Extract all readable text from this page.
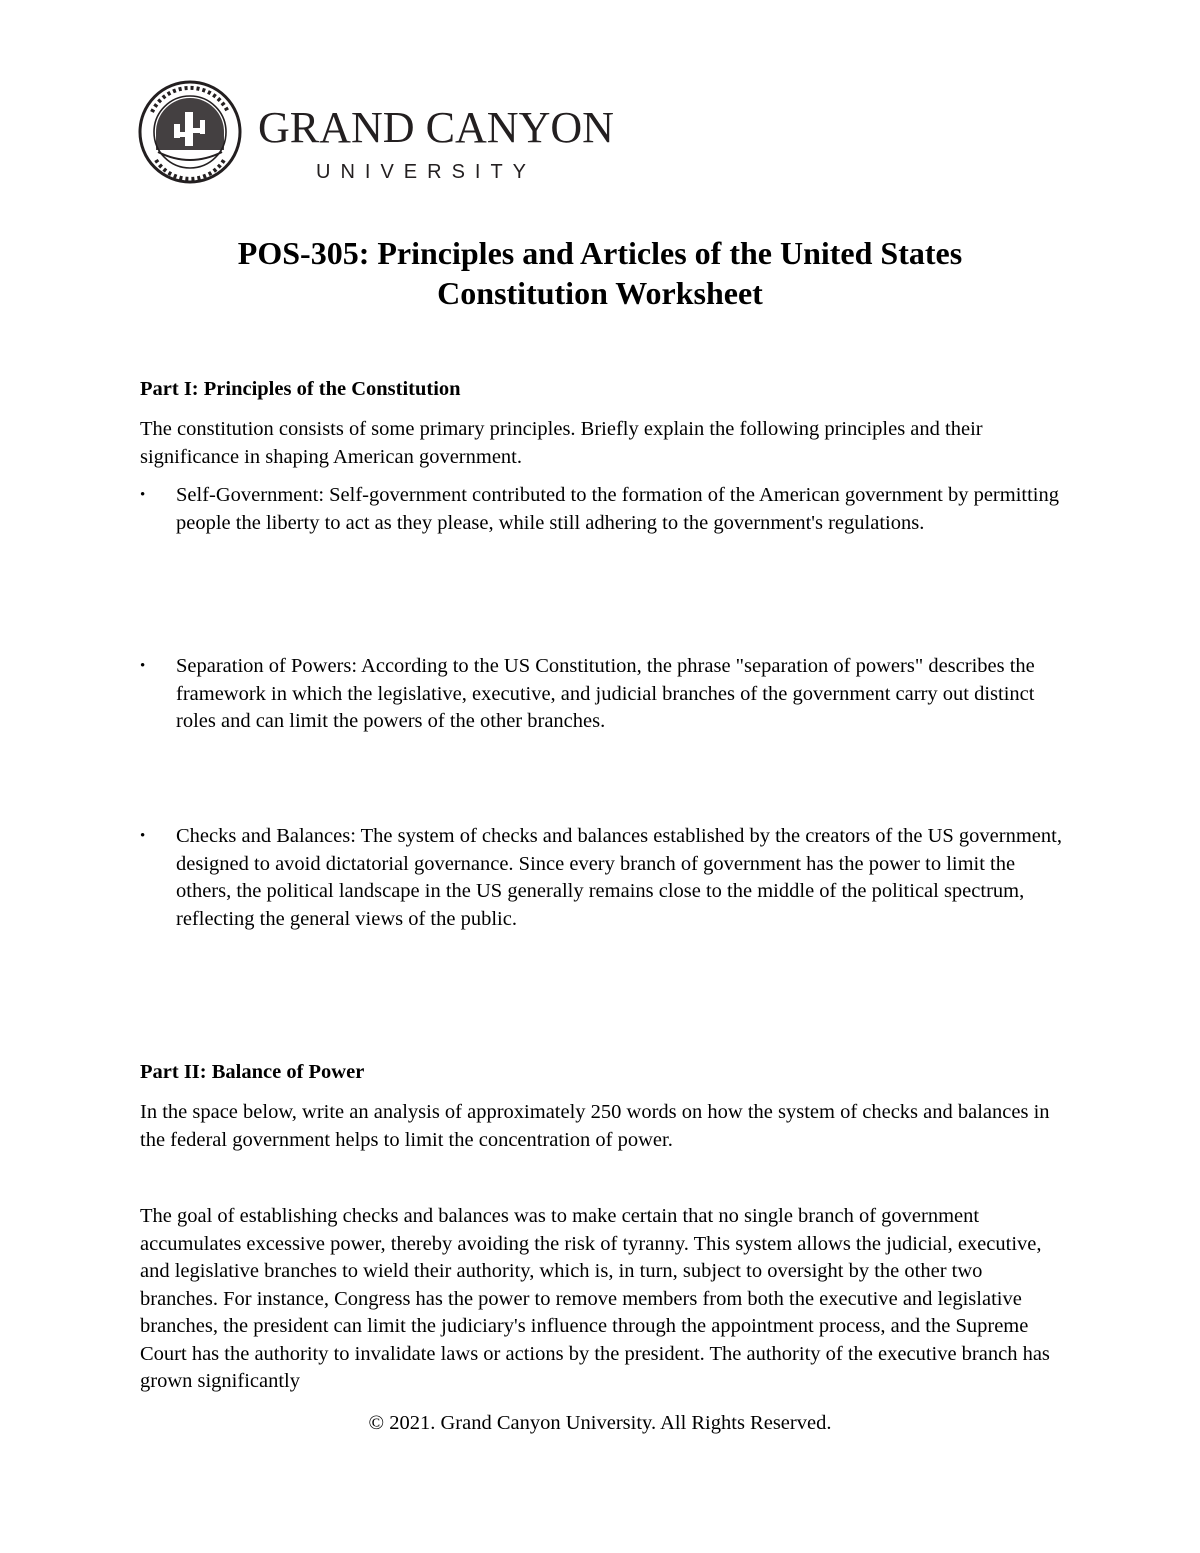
GRAND CANYON
UNIVERSITY
POS-305: Principles and Articles of the United States
Constitution Worksheet
Part I: Principles of the Constitution
The constitution consists of some primary principles. Briefly explain the following principles and their significance in shaping American government.
•	Self-Government: Self-government contributed to the formation of the American government by permitting people the liberty to act as they please, while still adhering to the government's regulations.
•	Separation of Powers: According to the US Constitution, the phrase "separation of powers" describes the framework in which the legislative, executive, and judicial branches of the government carry out distinct roles and can limit the powers of the other branches.
•	Checks and Balances: The system of checks and balances established by the creators of the US government, designed to avoid dictatorial governance. Since every branch of government has the power to limit the others, the political landscape in the US generally remains close to the middle of the political spectrum, reflecting the general views of the public.
Part II: Balance of Power
In the space below, write an analysis of approximately 250 words on how the system of checks and balances in the federal government helps to limit the concentration of power.
The goal of establishing checks and balances was to make certain that no single branch of government accumulates excessive power, thereby avoiding the risk of tyranny. This system allows the judicial, executive, and legislative branches to wield their authority, which is, in turn, subject to oversight by the other two branches. For instance, Congress has the power to remove members from both the executive and legislative branches, the president can limit the judiciary's influence through the appointment process, and the Supreme Court has the authority to invalidate laws or actions by the president. The authority of the executive branch has grown significantly
© 2021. Grand Canyon University. All Rights Reserved.
